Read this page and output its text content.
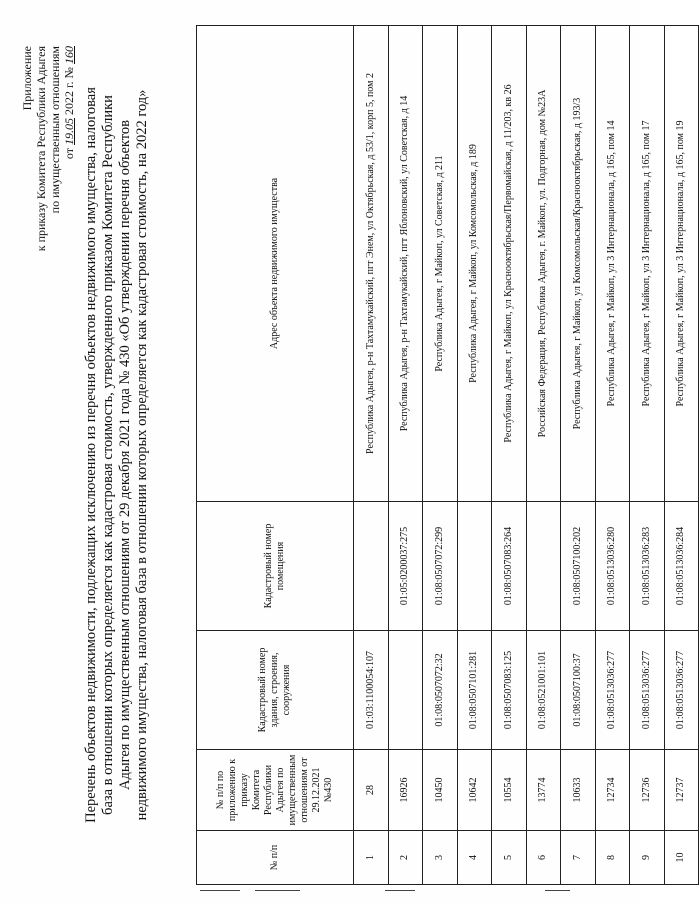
Приложение к приказу Комитета Республики Адыгея по имущественным отношениям от 19.05 2022 г. № 160
Перечень объектов недвижимости, подлежащих исключению из перечня объектов недвижимого имущества, налоговая база в отношении которых определяется как кадастровая стоимость, утвержденного приказом Комитета Республики Адыгея по имущественным отношениям от 29 декабря 2021 года № 430 «Об утверждении перечня объектов недвижимого имущества, налоговая база в отношении которых определяется как кадастровая стоимость, на 2022 год»
№ п/п	№ п/п по приложению к приказу Комитета Республики Адыгея по имущественным отношениям от 29.12.2021 №430	Кадастровый номер здания, строения, сооружения	Кадастровый номер помещения	Адрес объекта недвижимого имущества
1	28	01:03:1100054:107		Республика Адыгея, р-н Тахтамукайский, пгт Энем, ул Октябрьская, д 53/1, корп 5, пом 2
2	16926		01:05:0200037:275	Республика Адыгея, р-н Тахтамукайский, пгт Яблоновский, ул Советская, д 14
3	10450	01:08:0507072:32	01:08:0507072:299	Республика Адыгея, г Майкоп, ул Советская, д 211
4	10642	01:08:0507101:281		Республика Адыгея, г Майкоп, ул Комсомольская, д 189
5	10554	01:08:0507083:125	01:08:0507083:264	Республика Адыгея, г Майкоп, ул Краснооктябрьская/Первомайская, д 11/203, кв 26
6	13774	01:08:0521001:101		Российская Федерация, Республика Адыгея, г. Майкоп, ул. Подгорная, дом №23А
7	10633	01:08:0507100:37	01:08:0507100:202	Республика Адыгея, г Майкоп, ул Комсомольская/Краснооктябрьская, д 193/3
8	12734	01:08:0513036:277	01:08:0513036:280	Республика Адыгея, г Майкоп, ул 3 Интернационала, д 165, пом 14
9	12736	01:08:0513036:277	01:08:0513036:283	Республика Адыгея, г Майкоп, ул 3 Интернационала, д 165, пом 17
10	12737	01:08:0513036:277	01:08:0513036:284	Республика Адыгея, г Майкоп, ул 3 Интернационала, д 165, пом 19
